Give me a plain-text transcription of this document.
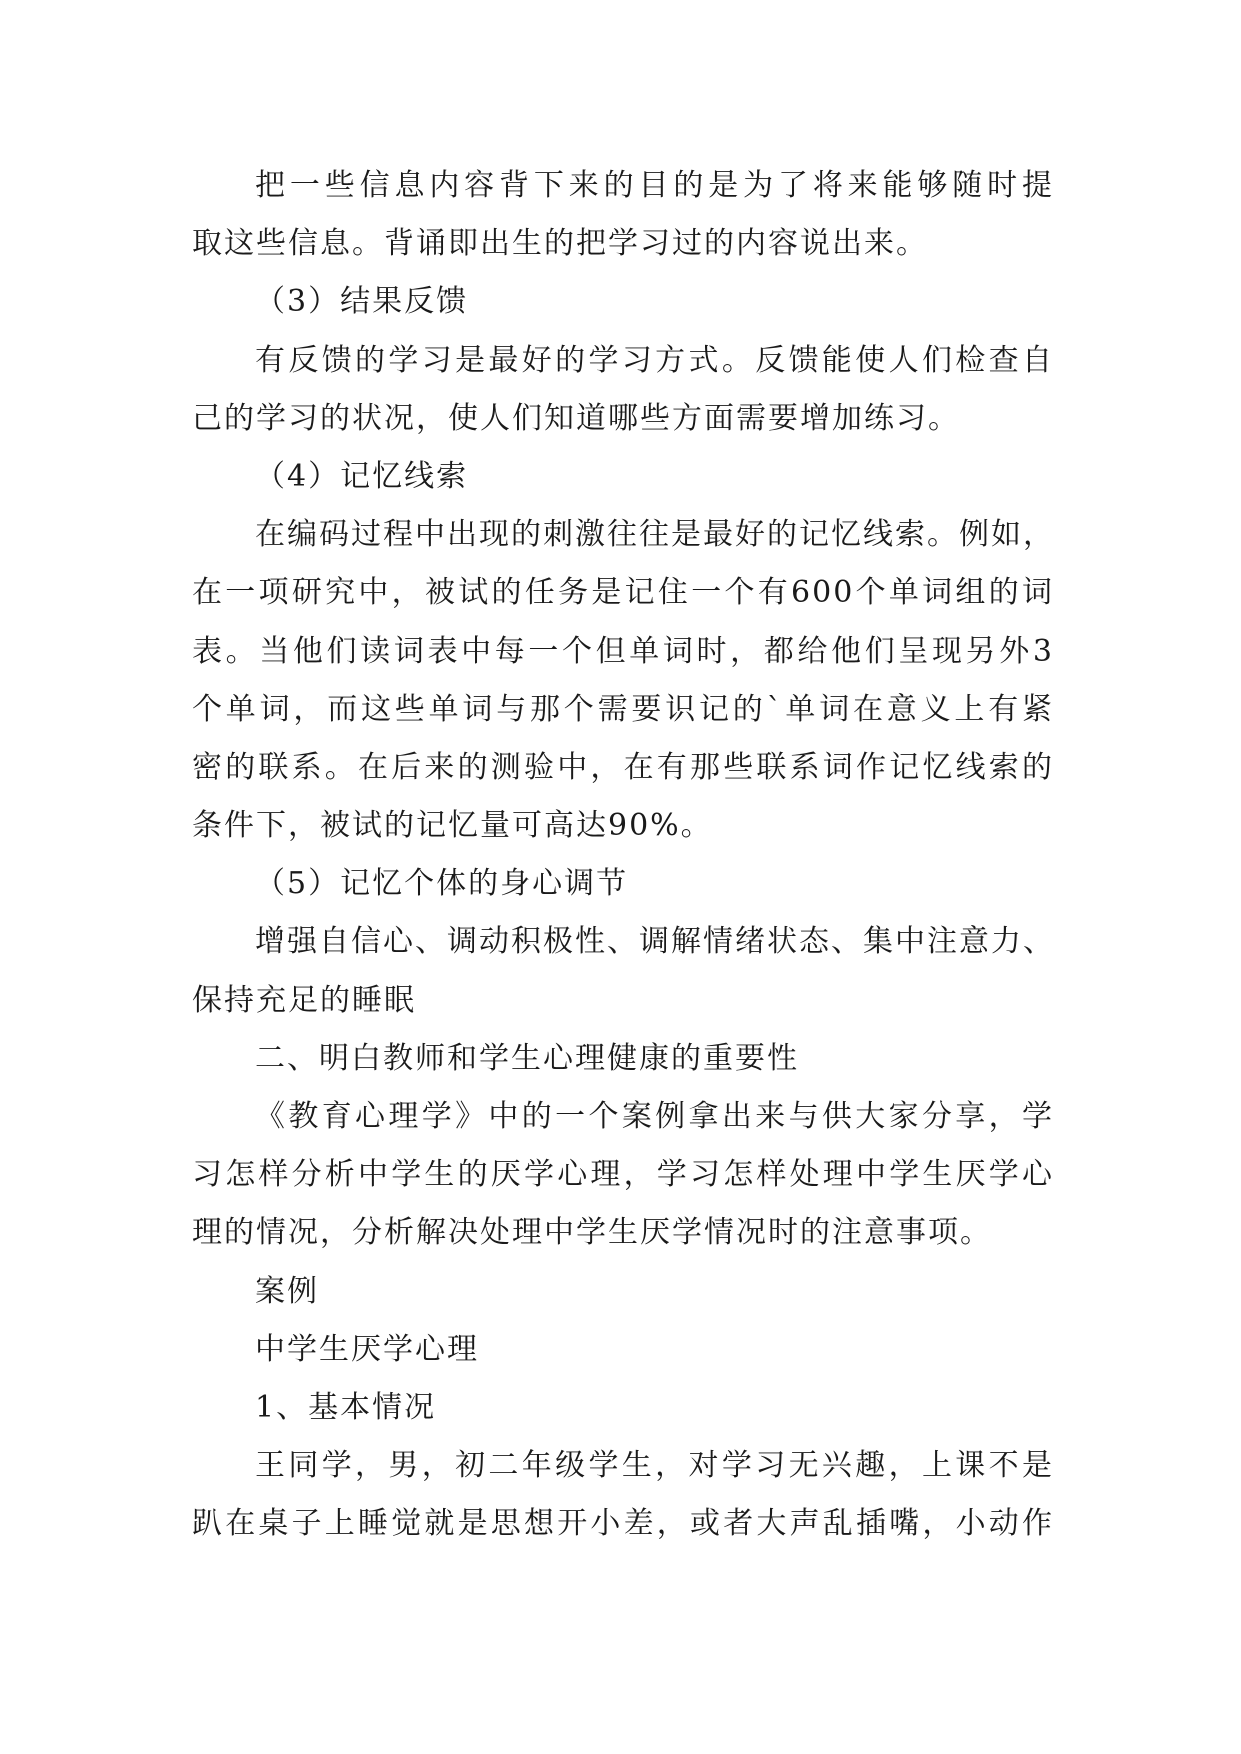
把一些信息内容背下来的目的是为了将来能够随时提
取这些信息。背诵即出生的把学习过的内容说出来。
（3）结果反馈
有反馈的学习是最好的学习方式。反馈能使人们检查自
己的学习的状况，使人们知道哪些方面需要增加练习。
（4）记忆线索
在编码过程中出现的刺激往往是最好的记忆线索。例如，
在一项研究中，被试的任务是记住一个有600个单词组的词
表。当他们读词表中每一个但单词时，都给他们呈现另外3
个单词，而这些单词与那个需要识记的`单词在意义上有紧
密的联系。在后来的测验中，在有那些联系词作记忆线索的
条件下，被试的记忆量可高达90%。
（5）记忆个体的身心调节
增强自信心、调动积极性、调解情绪状态、集中注意力、
保持充足的睡眠
二、明白教师和学生心理健康的重要性
《教育心理学》中的一个案例拿出来与供大家分享，学
习怎样分析中学生的厌学心理，学习怎样处理中学生厌学心
理的情况，分析解决处理中学生厌学情况时的注意事项。
案例
中学生厌学心理
1、基本情况
王同学，男，初二年级学生，对学习无兴趣，上课不是
趴在桌子上睡觉就是思想开小差，或者大声乱插嘴，小动作
